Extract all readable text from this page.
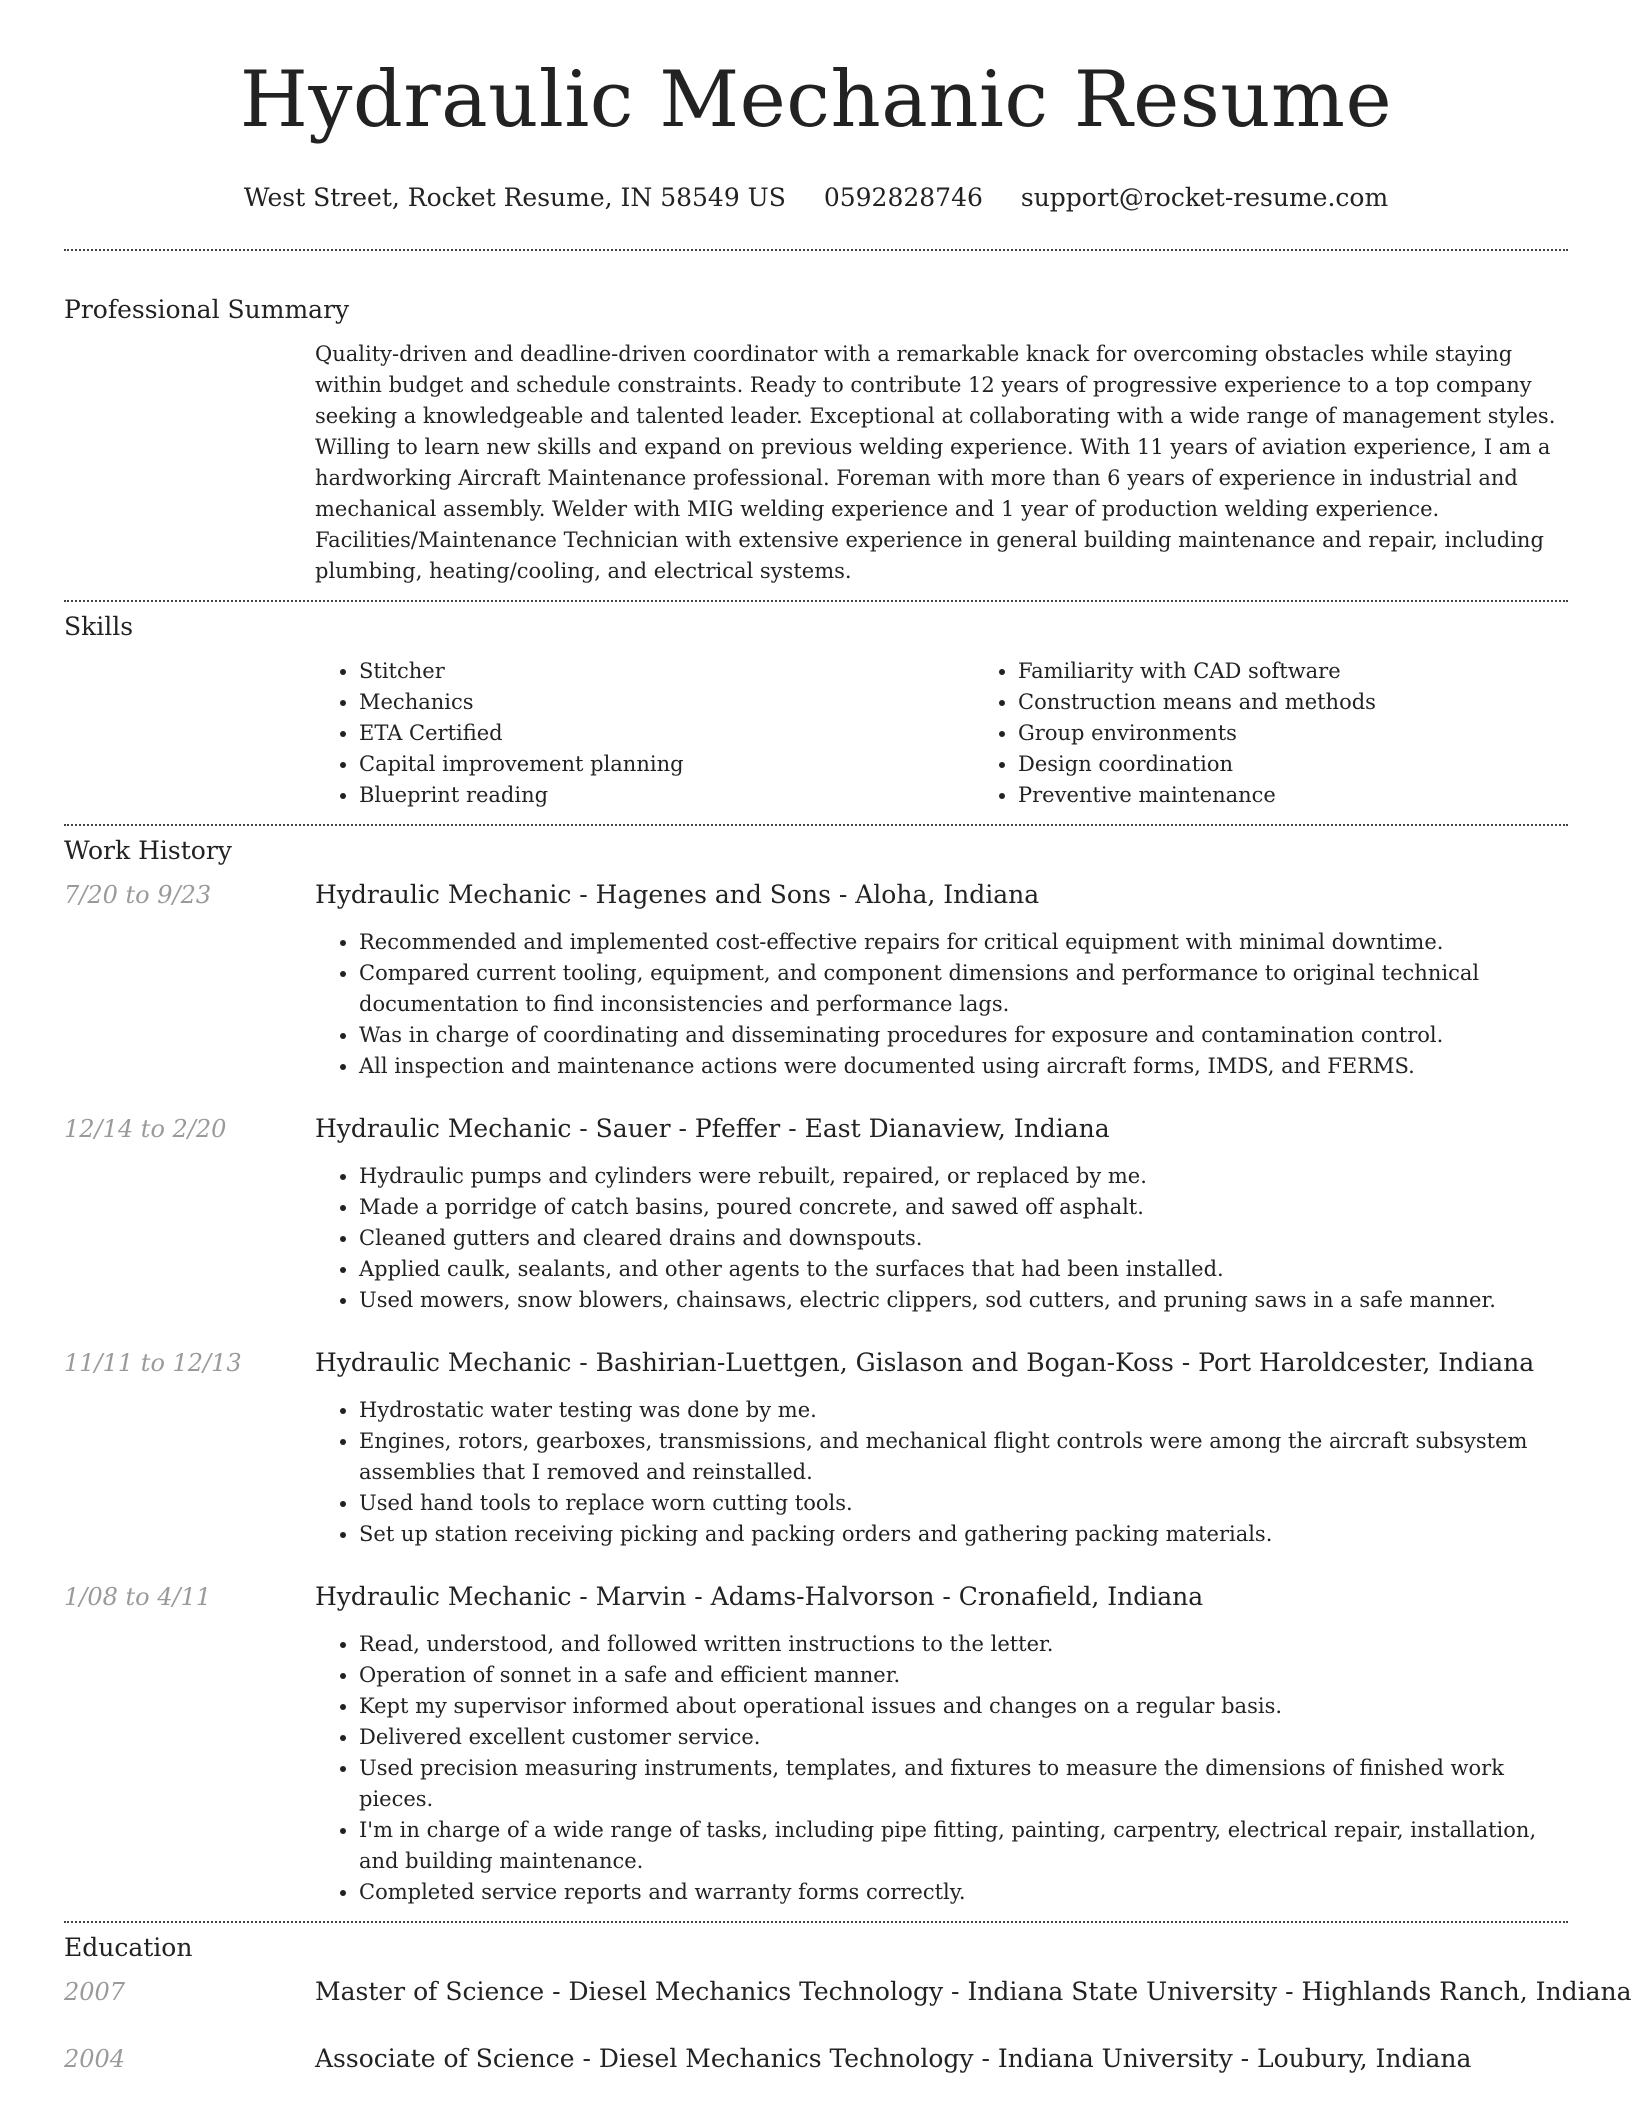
Hydraulic Mechanic Resume
West Street, Rocket Resume, IN 58549 US 0592828746 support@rocket-resume.com
Professional Summary

Quality-driven and deadline-driven coordinator with a remarkable knack for overcoming obstacles while staying within budget and schedule constraints. Ready to contribute 12 years of progressive experience to a top company seeking a knowledgeable and talented leader. Exceptional at collaborating with a wide range of management styles. Willing to learn new skills and expand on previous welding experience. With 11 years of aviation experience, I am a hardworking Aircraft Maintenance professional. Foreman with more than 6 years of experience in industrial and mechanical assembly. Welder with MIG welding experience and 1 year of production welding experience. Facilities/Maintenance Technician with extensive experience in general building maintenance and repair, including plumbing, heating/cooling, and electrical systems.

Skills
• Stitcher
• Mechanics
• ETA Certified
• Capital improvement planning
• Blueprint reading
• Familiarity with CAD software
• Construction means and methods
• Group environments
• Design coordination
• Preventive maintenance
Work History
7/20 to 9/23	Hydraulic Mechanic - Hagenes and Sons - Aloha, Indiana
• Recommended and implemented cost-effective repairs for critical equipment with minimal downtime.
• Compared current tooling, equipment, and component dimensions and performance to original technical documentation to find inconsistencies and performance lags.
• Was in charge of coordinating and disseminating procedures for exposure and contamination control.
• All inspection and maintenance actions were documented using aircraft forms, IMDS, and FERMS.
12/14 to 2/20	Hydraulic Mechanic - Sauer - Pfeffer - East Dianaview, Indiana
• Hydraulic pumps and cylinders were rebuilt, repaired, or replaced by me.
• Made a porridge of catch basins, poured concrete, and sawed off asphalt.
• Cleaned gutters and cleared drains and downspouts.
• Applied caulk, sealants, and other agents to the surfaces that had been installed.
• Used mowers, snow blowers, chainsaws, electric clippers, sod cutters, and pruning saws in a safe manner.
11/11 to 12/13	Hydraulic Mechanic - Bashirian-Luettgen, Gislason and Bogan-Koss - Port Haroldcester, Indiana
• Hydrostatic water testing was done by me.
• Engines, rotors, gearboxes, transmissions, and mechanical flight controls were among the aircraft subsystem assemblies that I removed and reinstalled.
• Used hand tools to replace worn cutting tools.
• Set up station receiving picking and packing orders and gathering packing materials.
1/08 to 4/11	Hydraulic Mechanic - Marvin - Adams-Halvorson - Cronafield, Indiana
• Read, understood, and followed written instructions to the letter.
• Operation of sonnet in a safe and efficient manner.
• Kept my supervisor informed about operational issues and changes on a regular basis.
• Delivered excellent customer service.
• Used precision measuring instruments, templates, and fixtures to measure the dimensions of finished work pieces.
• I'm in charge of a wide range of tasks, including pipe fitting, painting, carpentry, electrical repair, installation, and building maintenance.
• Completed service reports and warranty forms correctly.
Education
2007	Master of Science - Diesel Mechanics Technology - Indiana State University - Highlands Ranch, Indiana
2004	Associate of Science - Diesel Mechanics Technology - Indiana University - Loubury, Indiana
